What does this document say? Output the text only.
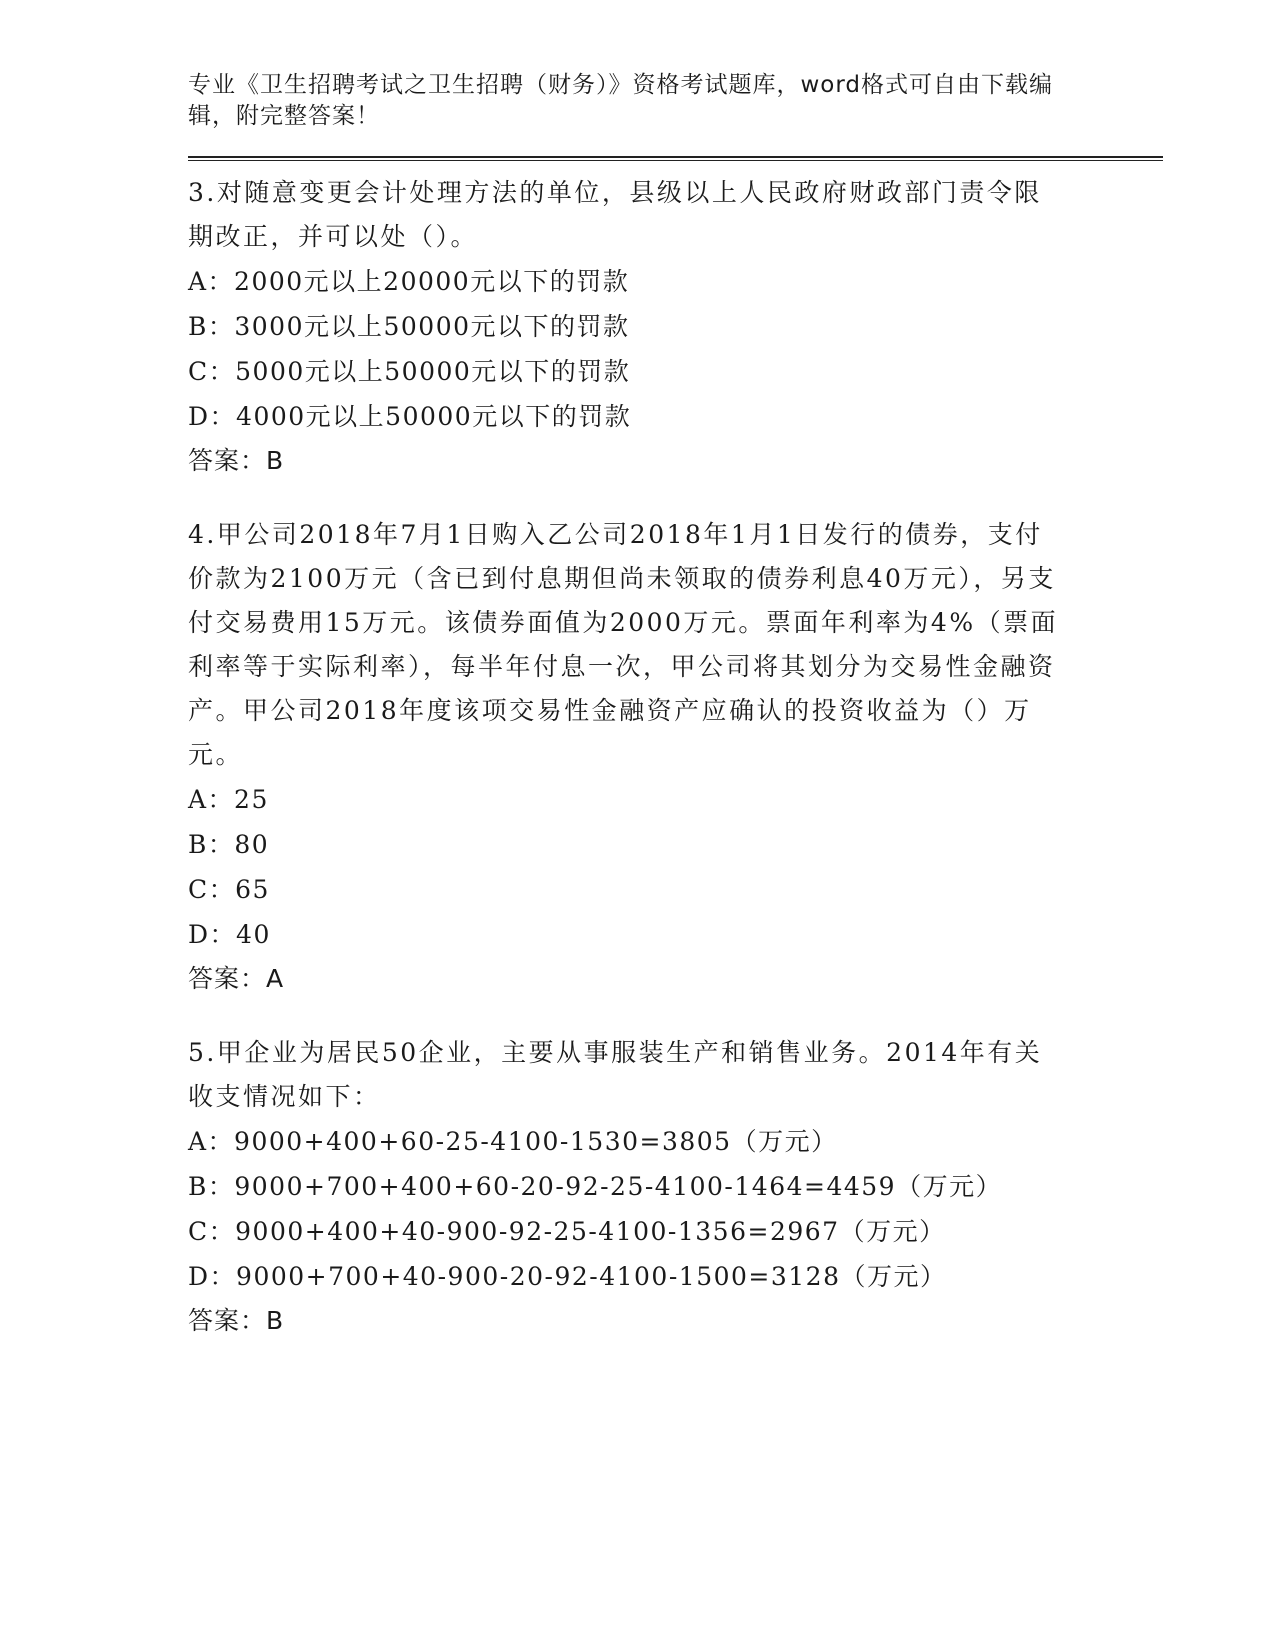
专业《卫生招聘考试之卫生招聘（财务）》资格考试题库，word格式可自由下载编辑，附完整答案！

3.对随意变更会计处理方法的单位，县级以上人民政府财政部门责令限期改正，并可以处（）。

A：2000元以上20000元以下的罚款
B：3000元以上50000元以下的罚款
C：5000元以上50000元以下的罚款
D：4000元以上50000元以下的罚款
答案：B

4.甲公司2018年7月1日购入乙公司2018年1月1日发行的债券，支付价款为2100万元（含已到付息期但尚未领取的债券利息40万元），另支付交易费用15万元。该债券面值为2000万元。票面年利率为4%（票面利率等于实际利率），每半年付息一次，甲公司将其划分为交易性金融资产。甲公司2018年度该项交易性金融资产应确认的投资收益为（）万元。

A：25
B：80
C：65
D：40
答案：A

5.甲企业为居民50企业，主要从事服装生产和销售业务。2014年有关收支情况如下：

A：9000+400+60-25-4100-1530=3805（万元）
B：9000+700+400+60-20-92-25-4100-1464=4459（万元）
C：9000+400+40-900-92-25-4100-1356=2967（万元）
D：9000+700+40-900-20-92-4100-1500=3128（万元）
答案：B
